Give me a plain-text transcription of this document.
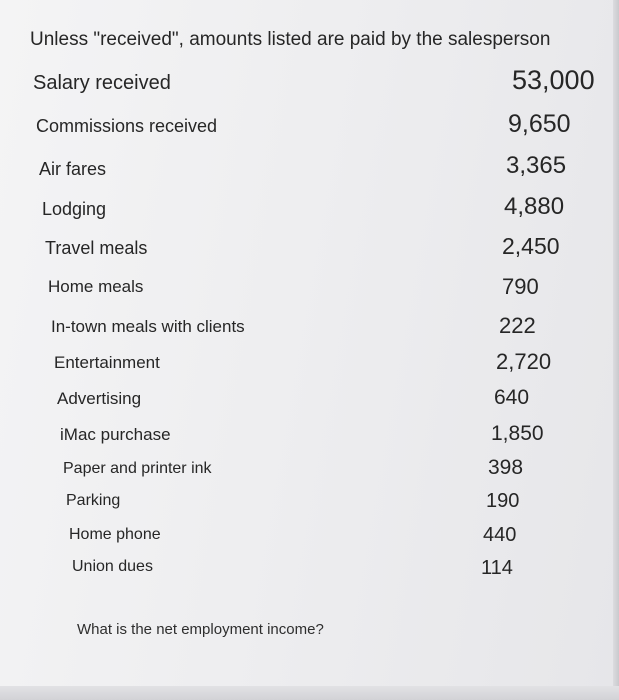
Unless "received", amounts listed are paid by the salesperson
Salary received	53,000
Commissions received	9,650
Air fares	3,365
Lodging	4,880
Travel meals	2,450
Home meals	790
In-town meals with clients	222
Entertainment	2,720
Advertising	640
iMac purchase	1,850
Paper and printer ink	398
Parking	190
Home phone	440
Union dues	114
What is the net employment income?
